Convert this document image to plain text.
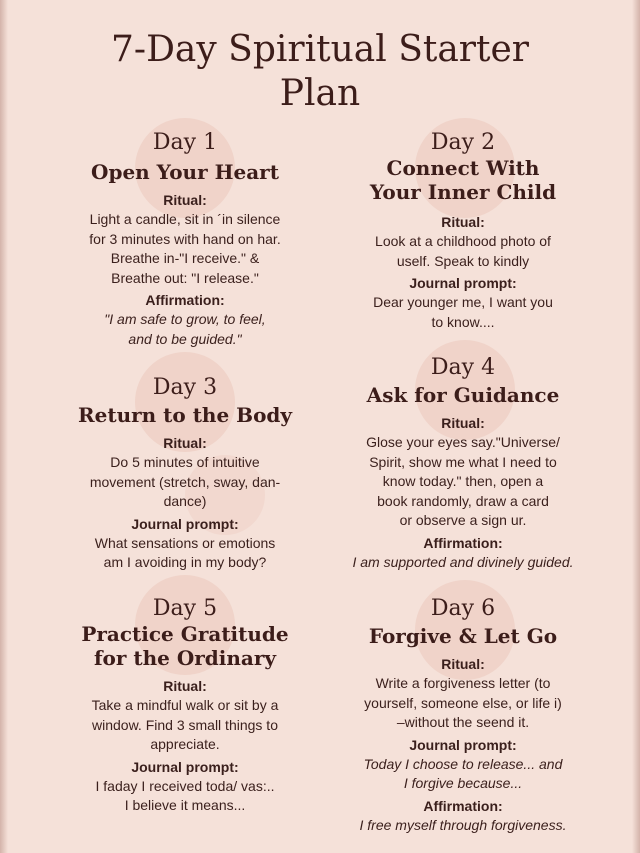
7-Day Spiritual Starter
Plan
Day 1
Open Your Heart
Ritual:
Light a candle, sit in ´in silence
for 3 minutes with hand on har.
Breathe in-"I receive." &
Breathe out: "I release."
Affirmation:
"I am safe to grow, to feel,
and to be guided."
Day 2
Connect With
Your Inner Child
Ritual:
Look at a childhood photo of
uself. Speak to kindly
Journal prompt:
Dear younger me, I want you
to know....
Day 3
Return to the Body
Ritual:
Do 5 minutes of intuitive
movement (stretch, sway, dan-
dance)
Journal prompt:
What sensations or emotions
am I avoiding in my body?
Day 4
Ask for Guidance
Ritual:
Glose your eyes say."Universe/
Spirit, show me what I need to
know today." then, open a
book randomly, draw a card
or observe a sign ur.
Affirmation:
I am supported and divinely guided.
Day 5
Practice Gratitude
for the Ordinary
Ritual:
Take a mindful walk or sit by a
window. Find 3 small things to
appreciate.
Journal prompt:
I faday I received toda/ vas:..
I believe it means...
Day 6
Forgive & Let Go
Ritual:
Write a forgiveness letter (to
yourself, someone else, or life i)
–without the seend it.
Journal prompt:
Today I choose to release... and
I forgive because...
Affirmation:
I free myself through forgiveness.
